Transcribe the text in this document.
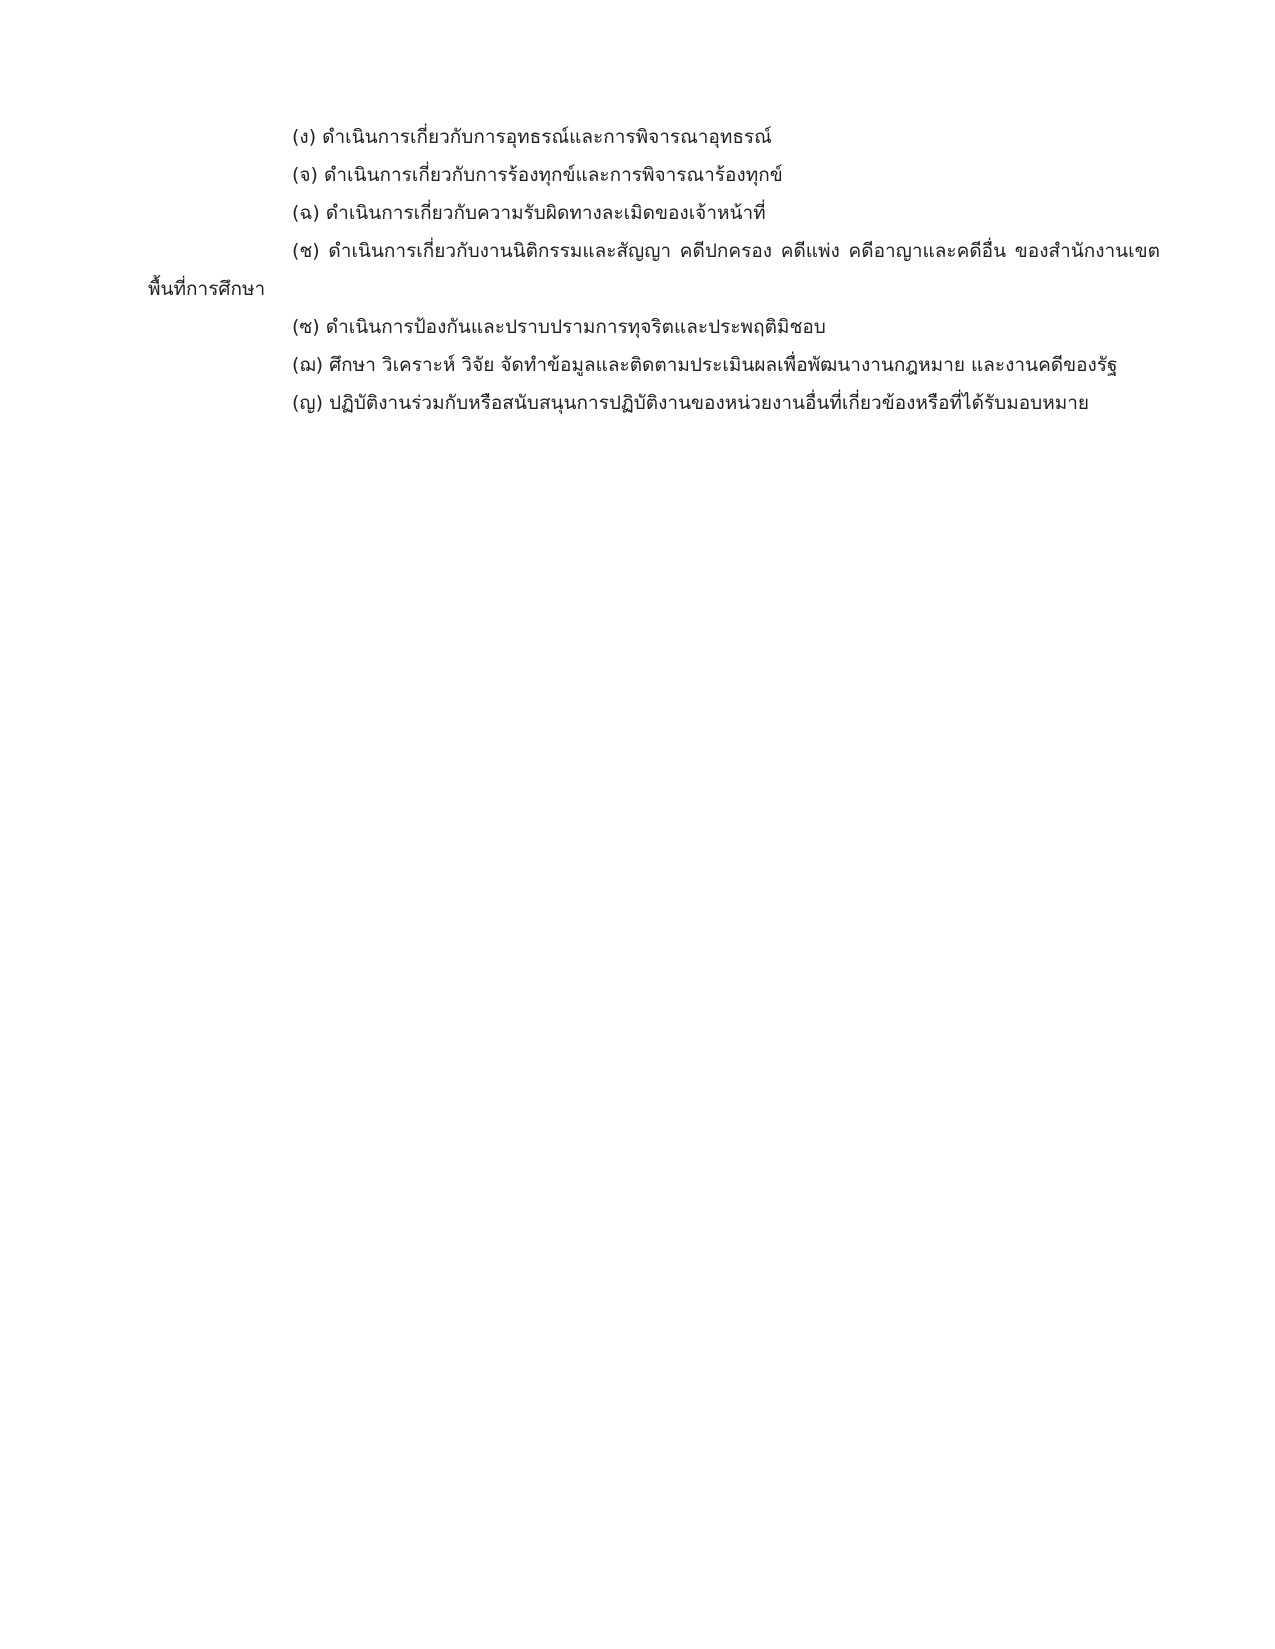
(ง) ดำเนินการเกี่ยวกับการอุทธรณ์และการพิจารณาอุทธรณ์

(จ) ดำเนินการเกี่ยวกับการร้องทุกข์และการพิจารณาร้องทุกข์

(ฉ) ดำเนินการเกี่ยวกับความรับผิดทางละเมิดของเจ้าหน้าที่

(ช) ดำเนินการเกี่ยวกับงานนิติกรรมและสัญญา คดีปกครอง คดีแพ่ง คดีอาญาและคดีอื่น ของสำนักงานเขตพื้นที่การศึกษา

(ซ) ดำเนินการป้องกันและปราบปรามการทุจริตและประพฤติมิชอบ

(ฌ) ศึกษา วิเคราะห์ วิจัย จัดทำข้อมูลและติดตามประเมินผลเพื่อพัฒนางานกฎหมาย และงานคดีของรัฐ

(ญ) ปฏิบัติงานร่วมกับหรือสนับสนุนการปฏิบัติงานของหน่วยงานอื่นที่เกี่ยวข้องหรือที่ได้รับมอบหมาย
